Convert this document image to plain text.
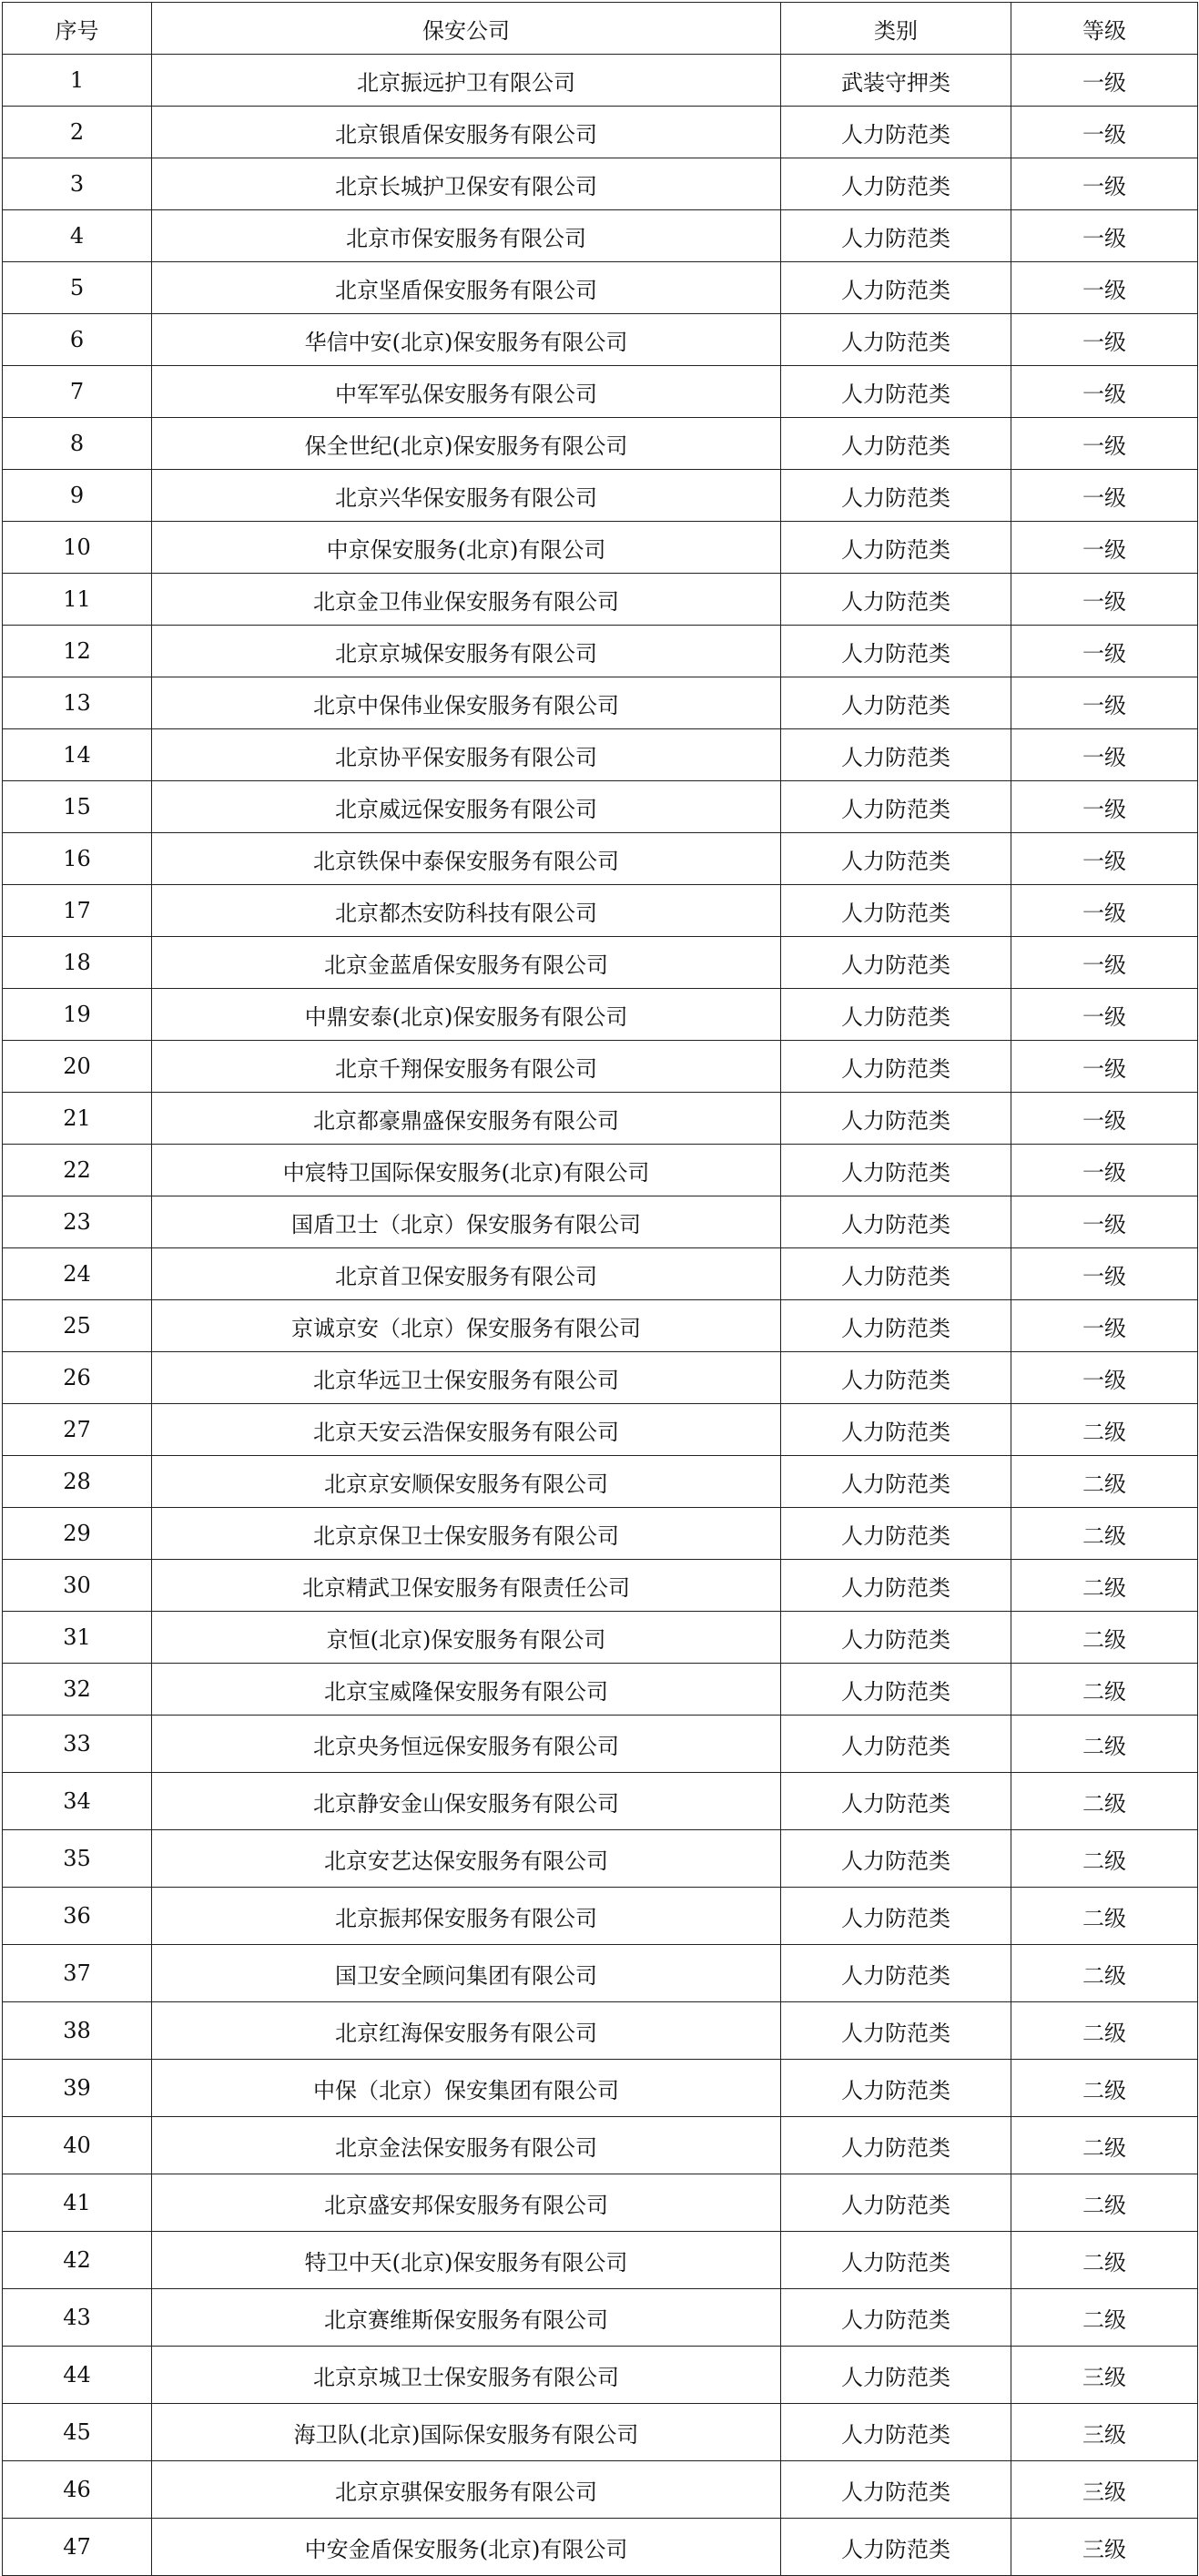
序号	保安公司	类别	等级
1	北京振远护卫有限公司	武装守押类	一级
2	北京银盾保安服务有限公司	人力防范类	一级
3	北京长城护卫保安有限公司	人力防范类	一级
4	北京市保安服务有限公司	人力防范类	一级
5	北京坚盾保安服务有限公司	人力防范类	一级
6	华信中安(北京)保安服务有限公司	人力防范类	一级
7	中军军弘保安服务有限公司	人力防范类	一级
8	保全世纪(北京)保安服务有限公司	人力防范类	一级
9	北京兴华保安服务有限公司	人力防范类	一级
10	中京保安服务(北京)有限公司	人力防范类	一级
11	北京金卫伟业保安服务有限公司	人力防范类	一级
12	北京京城保安服务有限公司	人力防范类	一级
13	北京中保伟业保安服务有限公司	人力防范类	一级
14	北京协平保安服务有限公司	人力防范类	一级
15	北京威远保安服务有限公司	人力防范类	一级
16	北京铁保中泰保安服务有限公司	人力防范类	一级
17	北京都杰安防科技有限公司	人力防范类	一级
18	北京金蓝盾保安服务有限公司	人力防范类	一级
19	中鼎安泰(北京)保安服务有限公司	人力防范类	一级
20	北京千翔保安服务有限公司	人力防范类	一级
21	北京都豪鼎盛保安服务有限公司	人力防范类	一级
22	中宸特卫国际保安服务(北京)有限公司	人力防范类	一级
23	国盾卫士（北京）保安服务有限公司	人力防范类	一级
24	北京首卫保安服务有限公司	人力防范类	一级
25	京诚京安（北京）保安服务有限公司	人力防范类	一级
26	北京华远卫士保安服务有限公司	人力防范类	一级
27	北京天安云浩保安服务有限公司	人力防范类	二级
28	北京京安顺保安服务有限公司	人力防范类	二级
29	北京京保卫士保安服务有限公司	人力防范类	二级
30	北京精武卫保安服务有限责任公司	人力防范类	二级
31	京恒(北京)保安服务有限公司	人力防范类	二级
32	北京宝威隆保安服务有限公司	人力防范类	二级
33	北京央务恒远保安服务有限公司	人力防范类	二级
34	北京静安金山保安服务有限公司	人力防范类	二级
35	北京安艺达保安服务有限公司	人力防范类	二级
36	北京振邦保安服务有限公司	人力防范类	二级
37	国卫安全顾问集团有限公司	人力防范类	二级
38	北京红海保安服务有限公司	人力防范类	二级
39	中保（北京）保安集团有限公司	人力防范类	二级
40	北京金法保安服务有限公司	人力防范类	二级
41	北京盛安邦保安服务有限公司	人力防范类	二级
42	特卫中天(北京)保安服务有限公司	人力防范类	二级
43	北京赛维斯保安服务有限公司	人力防范类	二级
44	北京京城卫士保安服务有限公司	人力防范类	三级
45	海卫队(北京)国际保安服务有限公司	人力防范类	三级
46	北京京骐保安服务有限公司	人力防范类	三级
47	中安金盾保安服务(北京)有限公司	人力防范类	三级
